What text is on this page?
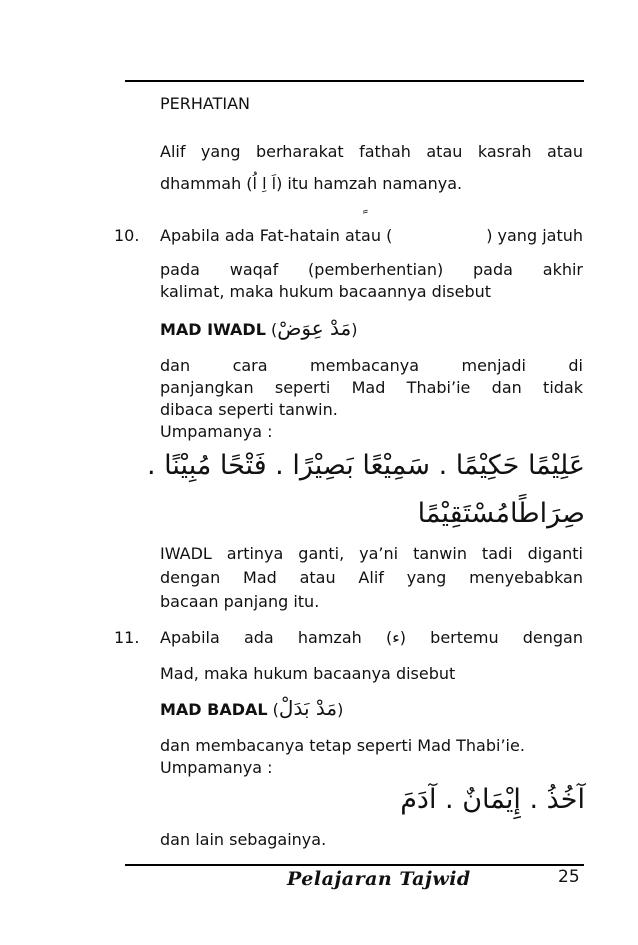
PERHATIAN
Alif yang berharakat fathah atau kasrah atau
dhammah (اَ اِ اُ) itu hamzah namanya.
10. Apabila ada Fat-hatain atau (	) yang jatuh
pada waqaf (pemberhentian) pada akhir
kalimat, maka hukum bacaannya disebut
MAD IWADL (مَدْ عِوَضْ)
dan cara membacanya menjadi di
panjangkan seperti Mad Thabi’ie dan tidak
dibaca seperti tanwin.
Umpamanya :
عَلِيْمًا حَكِيْمًا . سَمِيْعًا بَصِيْرًا . فَتْحًا مُبِيْنًا .
صِرَاطًامُسْتَقِيْمًا
IWADL artinya ganti, ya’ni tanwin tadi diganti
dengan Mad atau Alif yang menyebabkan
bacaan panjang itu.
11. Apabila ada hamzah (ء) bertemu dengan
Mad, maka hukum bacaanya disebut
MAD BADAL (مَدْ بَدَلْ)
dan membacanya tetap seperti Mad Thabi’ie.
Umpamanya :
آخُذُ . إِيْمَانٌ . آدَمَ
dan lain sebagainya.
Pelajaran Tajwid	25
